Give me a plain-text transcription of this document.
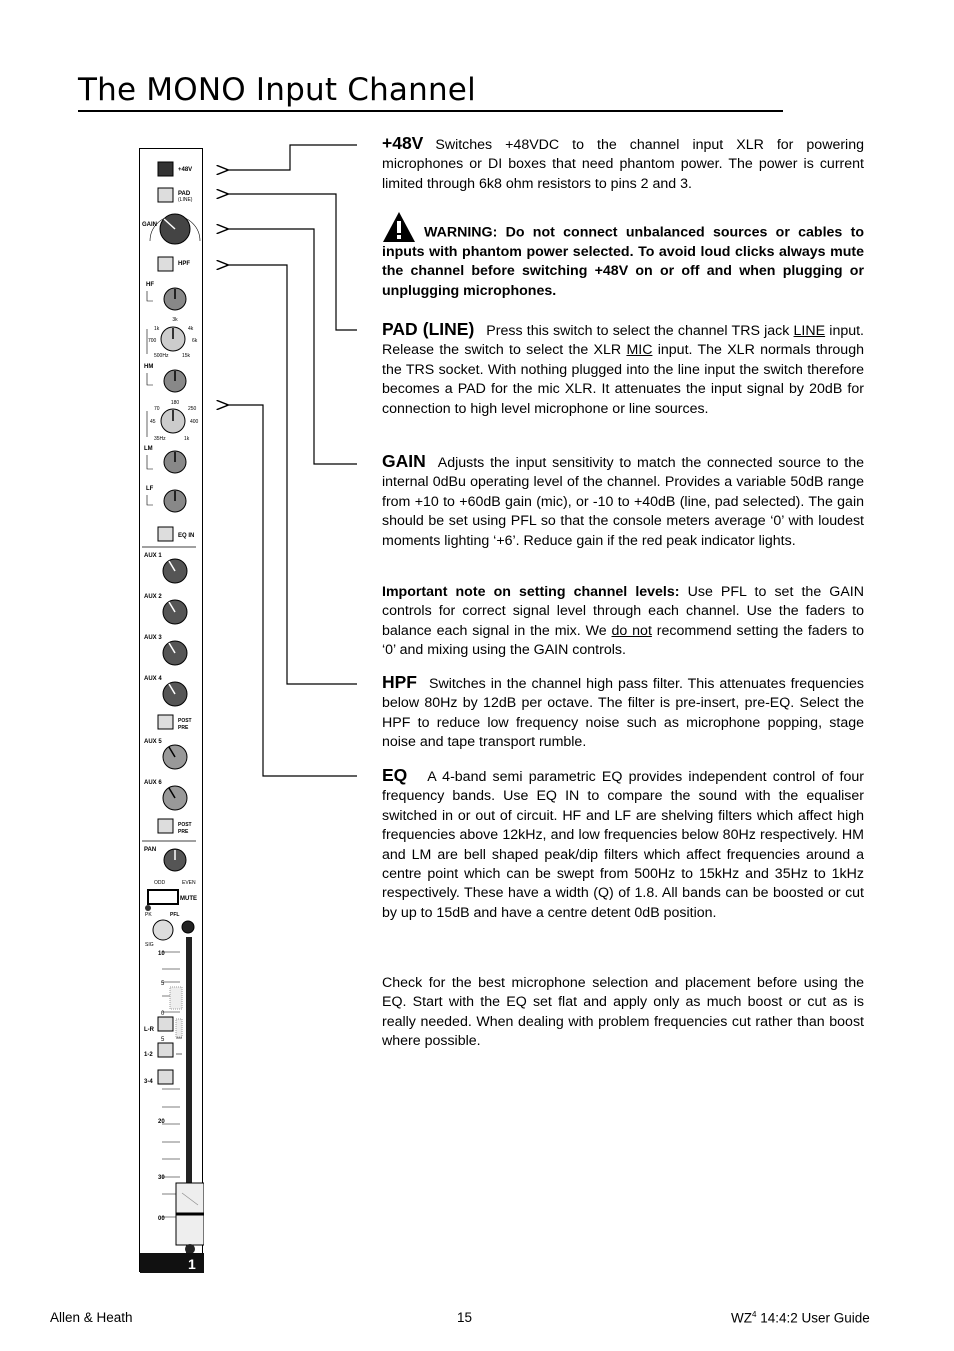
The MONO Input Channel
+48V
PAD
(LINE)
GAIN
HPF
HF
3k
1k	4k
700	6k
500Hz	15k
HM
180
70	250
45	400
35Hz	1k
LM
LF
EQ IN
AUX 1
AUX 2
AUX 3
AUX 4
POST
PRE
AUX 5
AUX 6
POST
PRE
PAN
ODD	EVEN
MUTE
PK	PFL
SIG
10
5
0
5
20
30
00
L-R
1-2
3-4
1

+48V Switches +48VDC to the channel input XLR for powering microphones or DI boxes that need phantom power. The power is current limited through 6k8 ohm resistors to pins 2 and 3.

WARNING: Do not connect unbalanced sources or cables to inputs with phantom power selected. To avoid loud clicks always mute the channel before switching +48V on or off and when plugging or unplugging microphones.

PAD (LINE) Press this switch to select the channel TRS jack LINE input. Release the switch to select the XLR MIC input. The XLR normals through the TRS socket. With nothing plugged into the line input the switch therefore becomes a PAD for the mic XLR. It attenuates the input signal by 20dB for connection to high level microphone or line sources.

GAIN Adjusts the input sensitivity to match the connected source to the internal 0dBu operating level of the channel. Provides a variable 50dB range from +10 to +60dB gain (mic), or -10 to +40dB (line, pad selected). The gain should be set using PFL so that the console meters average ‘0’ with loudest moments lighting ‘+6’. Reduce gain if the red peak indicator lights.

Important note on setting channel levels: Use PFL to set the GAIN controls for correct signal level through each channel. Use the faders to balance each signal in the mix. We do not recommend setting the faders to ‘0’ and mixing using the GAIN controls.

HPF Switches in the channel high pass filter. This attenuates frequencies below 80Hz by 12dB per octave. The filter is pre-insert, pre-EQ. Select the HPF to reduce low frequency noise such as microphone popping, stage noise and tape transport rumble.

EQ A 4-band semi parametric EQ provides independent control of four frequency bands. Use EQ IN to compare the sound with the equaliser switched in or out of circuit. HF and LF are shelving filters which affect high frequencies above 12kHz, and low frequencies below 80Hz respectively. HM and LM are bell shaped peak/dip filters which affect frequencies around a centre point which can be swept from 500Hz to 15kHz and 35Hz to 1kHz respectively. These have a width (Q) of 1.8. All bands can be boosted or cut by up to 15dB and have a centre detent 0dB position.

Check for the best microphone selection and placement before using the EQ. Start with the EQ set flat and apply only as much boost or cut as is really needed. When dealing with problem frequencies cut rather than boost where possible.

Allen & Heath	15	$WZ^4$ 14:4:2 User Guide
